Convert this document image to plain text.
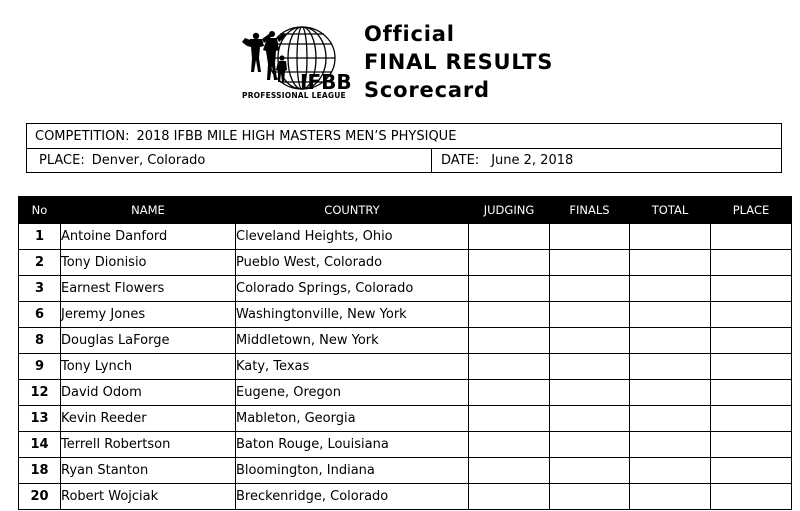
IFBB
PROFESSIONAL LEAGUE
Official
FINAL RESULTS
Scorecard
COMPETITION: 2018 IFBB MILE HIGH MASTERS MEN’S PHYSIQUE
PLACE: Denver, Colorado	DATE: June 2, 2018
No	NAME	COUNTRY	JUDGING	FINALS	TOTAL	PLACE
1	Antoine Danford	Cleveland Heights, Ohio				
2	Tony Dionisio	Pueblo West, Colorado				
3	Earnest Flowers	Colorado Springs, Colorado				
6	Jeremy Jones	Washingtonville, New York				
8	Douglas LaForge	Middletown, New York				
9	Tony Lynch	Katy, Texas				
12	David Odom	Eugene, Oregon				
13	Kevin Reeder	Mableton, Georgia				
14	Terrell Robertson	Baton Rouge, Louisiana				
18	Ryan Stanton	Bloomington, Indiana				
20	Robert Wojciak	Breckenridge, Colorado				
